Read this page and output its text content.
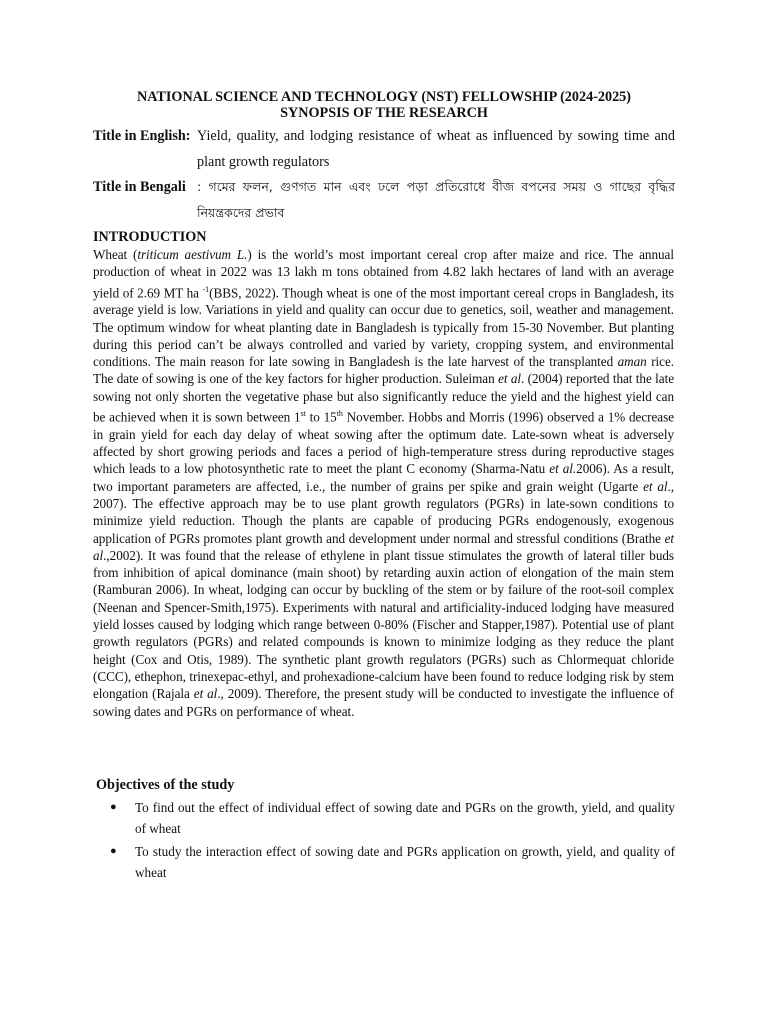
NATIONAL SCIENCE AND TECHNOLOGY (NST) FELLOWSHIP (2024-2025)
SYNOPSIS OF THE RESEARCH
Title in English: Yield, quality, and lodging resistance of wheat as influenced by sowing time and plant growth regulators
Title in Bengali : গমের ফলন, গুণগত মান এবং ঢলে পড়া প্রতিরোধে বীজ বপনের সময় ও গাছের বৃদ্ধির নিয়ন্ত্রকদের প্রভাব
INTRODUCTION

Wheat (triticum aestivum L.) is the world’s most important cereal crop after maize and rice. The annual production of wheat in 2022 was 13 lakh m tons obtained from 4.82 lakh hectares of land with an average yield of 2.69 MT ha $^{-1}$(BBS, 2022). Though wheat is one of the most important cereal crops in Bangladesh, its average yield is low. Variations in yield and quality can occur due to genetics, soil, weather and management. The optimum window for wheat planting date in Bangladesh is typically from 15-30 November. But planting during this period can’t be always controlled and varied by variety, cropping system, and environmental conditions. The main reason for late sowing in Bangladesh is the late harvest of the transplanted aman rice. The date of sowing is one of the key factors for higher production. Suleiman et al. (2004) reported that the late sowing not only shorten the vegetative phase but also significantly reduce the yield and the highest yield can be achieved when it is sown between 1st to 15th November. Hobbs and Morris (1996) observed a 1% decrease in grain yield for each day delay of wheat sowing after the optimum date. Late-sown wheat is adversely affected by short growing periods and faces a period of high-temperature stress during reproductive stages which leads to a low photosynthetic rate to meet the plant C economy (Sharma-Natu et al.2006). As a result, two important parameters are affected, i.e., the number of grains per spike and grain weight (Ugarte et al., 2007). The effective approach may be to use plant growth regulators (PGRs) in late-sown conditions to minimize yield reduction. Though the plants are capable of producing PGRs endogenously, exogenous application of PGRs promotes plant growth and development under normal and stressful conditions (Brathe et al.,2002). It was found that the release of ethylene in plant tissue stimulates the growth of lateral tiller buds from inhibition of apical dominance (main shoot) by retarding auxin action of elongation of the main stem (Ramburan 2006). In wheat, lodging can occur by buckling of the stem or by failure of the root-soil complex (Neenan and Spencer-Smith,1975). Experiments with natural and artificiality-induced lodging have measured yield losses caused by lodging which range between 0-80% (Fischer and Stapper,1987). Potential use of plant growth regulators (PGRs) and related compounds is known to minimize lodging as they reduce the plant height (Cox and Otis, 1989). The synthetic plant growth regulators (PGRs) such as Chlormequat chloride (CCC), ethephon, trinexepac-ethyl, and prohexadione-calcium have been found to reduce lodging risk by stem elongation (Rajala et al., 2009). Therefore, the present study will be conducted to investigate the influence of sowing dates and PGRs on performance of wheat.

Objectives of the study
● To find out the effect of individual effect of sowing date and PGRs on the growth, yield, and quality of wheat
● To study the interaction effect of sowing date and PGRs application on growth, yield, and quality of wheat
